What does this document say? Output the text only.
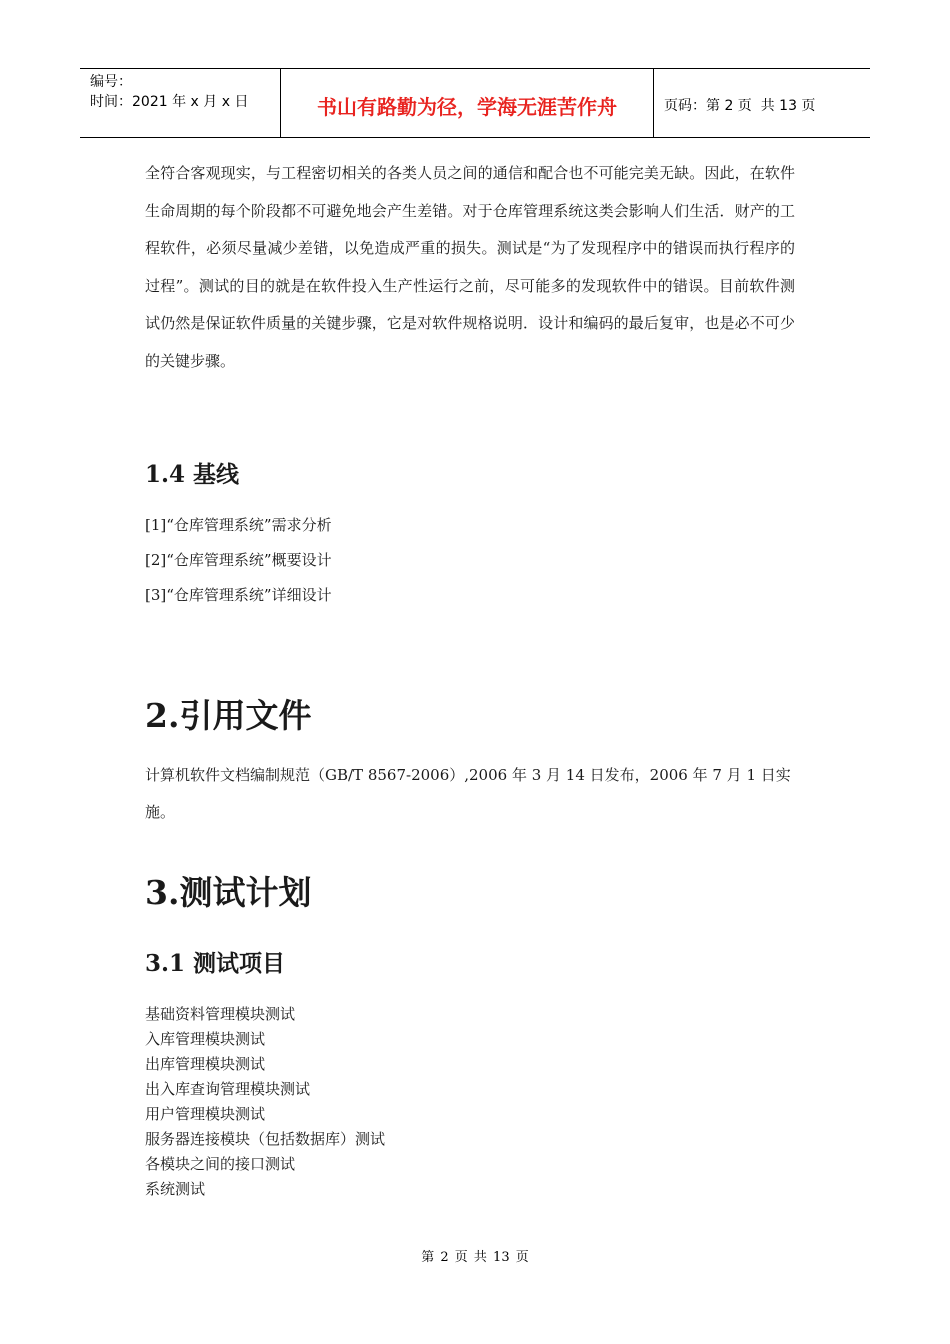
编号：
时间：2021 年 x 月 x 日	书山有路勤为径，学海无涯苦作舟	页码：第 2 页  共 13 页

全符合客观现实，与工程密切相关的各类人员之间的通信和配合也不可能完美无缺。因此，在软件生命周期的每个阶段都不可避免地会产生差错。对于仓库管理系统这类会影响人们生活．财产的工程软件，必须尽量减少差错，以免造成严重的损失。测试是“为了发现程序中的错误而执行程序的过程”。测试的目的就是在软件投入生产性运行之前，尽可能多的发现软件中的错误。目前软件测试仍然是保证软件质量的关键步骤，它是对软件规格说明．设计和编码的最后复审，也是必不可少的关键步骤。

1.4 基线
[1]“仓库管理系统”需求分析
[2]“仓库管理系统”概要设计
[3]“仓库管理系统”详细设计
2.引用文件

计算机软件文档编制规范（GB/T 8567-2006）,2006 年 3 月 14 日发布，2006 年 7 月 1 日实施。

3.测试计划
3.1 测试项目
基础资料管理模块测试
入库管理模块测试
出库管理模块测试
出入库查询管理模块测试
用户管理模块测试
服务器连接模块（包括数据库）测试
各模块之间的接口测试
系统测试
第 2 页 共 13 页
